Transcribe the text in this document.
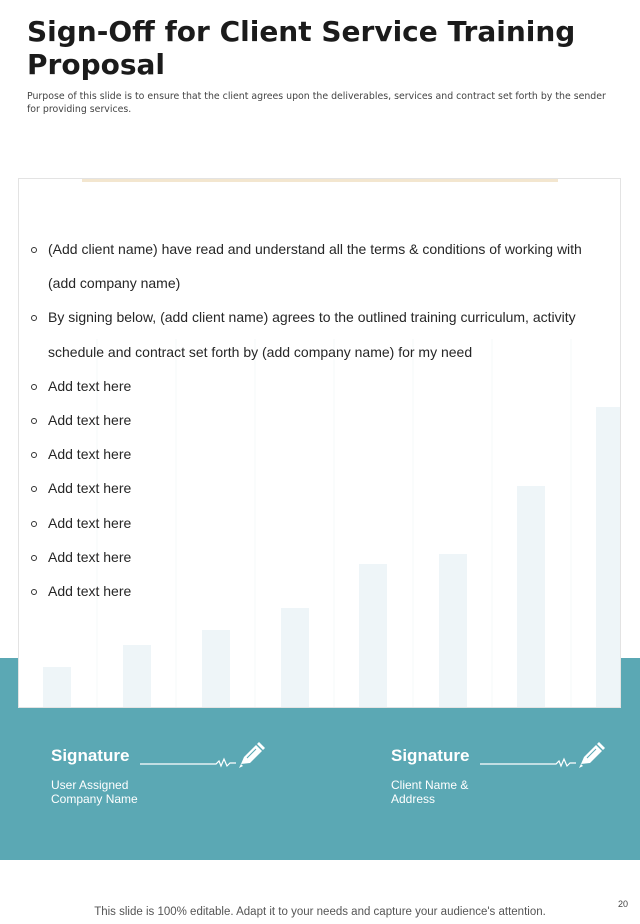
Sign-Off for Client Service Training Proposal

Purpose of this slide is to ensure that the client agrees upon the deliverables, services and contract set forth by the sender for providing services.

(Add client name) have read and understand all the terms & conditions of working with (add company name)
By signing below, (add client name) agrees to the outlined training curriculum, activity schedule and contract set forth by (add company name) for my need
Add text here
Add text here
Add text here
Add text here
Add text here
Add text here
Add text here
Signature
User Assigned
Company Name
Signature
Client Name &
Address
20
This slide is 100% editable. Adapt it to your needs and capture your audience's attention.
